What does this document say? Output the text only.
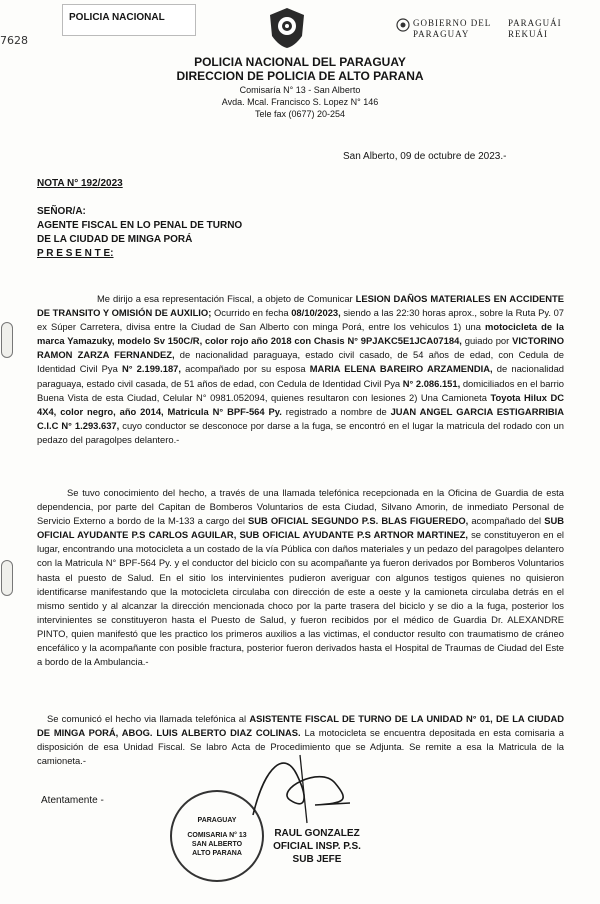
POLICIA NACIONAL
7628
GOBIERNO DEL
PARAGUAY
PARAGUÁI
REKUÁI
POLICIA NACIONAL DEL PARAGUAY
DIRECCION DE POLICIA DE ALTO PARANA
Comisaría N° 13 - San Alberto
Avda. Mcal. Francisco S. Lopez N° 146
Tele fax (0677) 20-254
San Alberto, 09 de octubre de 2023.-
NOTA N° 192/2023
SEÑOR/A:
AGENTE FISCAL EN LO PENAL DE TURNO
DE LA CIUDAD DE MINGA PORÁ
P R E S E N T E:

Me dirijo a esa representación Fiscal, a objeto de Comunicar LESION DAÑOS MATERIALES EN ACCIDENTE DE TRANSITO Y OMISIÓN DE AUXILIO; Ocurrido en fecha 08/10/2023, siendo a las 22:30 horas aprox., sobre la Ruta Py. 07 ex Súper Carretera, divisa entre la Ciudad de San Alberto con minga Porá, entre los vehiculos 1) una motocicleta de la marca Yamazuky, modelo Sv 150C/R, color rojo año 2018 con Chasis N° 9PJAKC5E1JCA07184, guiado por VICTORINO RAMON ZARZA FERNANDEZ, de nacionalidad paraguaya, estado civil casado, de 54 años de edad, con Cedula de Identidad Civil Pya N° 2.199.187, acompañado por su esposa MARIA ELENA BAREIRO ARZAMENDIA, de nacionalidad paraguaya, estado civil casada, de 51 años de edad, con Cedula de Identidad Civil Pya N° 2.086.151, domiciliados en el barrio Buena Vista de esta Ciudad, Celular N° 0981.052094, quienes resultaron con lesiones 2) Una Camioneta Toyota Hilux DC 4X4, color negro, año 2014, Matricula N° BPF-564 Py. registrado a nombre de JUAN ANGEL GARCIA ESTIGARRIBIA C.I.C N° 1.293.637, cuyo conductor se desconoce por darse a la fuga, se encontró en el lugar la matricula del rodado con un pedazo del paragolpes delantero.-

Se tuvo conocimiento del hecho, a través de una llamada telefónica recepcionada en la Oficina de Guardia de esta dependencia, por parte del Capitan de Bomberos Voluntarios de esta Ciudad, Silvano Amorin, de inmediato Personal de Servicio Externo a bordo de la M-133 a cargo del SUB OFICIAL SEGUNDO P.S. BLAS FIGUEREDO, acompañado del SUB OFICIAL AYUDANTE P.S CARLOS AGUILAR, SUB OFICIAL AYUDANTE P.S ARTNOR MARTINEZ, se constituyeron en el lugar, encontrando una motocicleta a un costado de la vía Pública con daños materiales y un pedazo del paragolpes delantero con la Matricula N° BPF-564 Py. y el conductor del biciclo con su acompañante ya fueron derivados por Bomberos Voluntarios hasta el puesto de Salud. En el sitio los intervinientes pudieron averiguar con algunos testigos quienes no quisieron identificarse manifestando que la motocicleta circulaba con dirección de este a oeste y la camioneta circulaba detrás en el mismo sentido y al alcanzar la dirección mencionada choco por la parte trasera del biciclo y se dio a la fuga, posterior los intervinientes se constituyeron hasta el Puesto de Salud, y fueron recibidos por el médico de Guardia Dr. ALEXANDRE PINTO, quien manifestó que les practico los primeros auxilios a las victimas, el conductor resulto con traumatismo de cráneo encefálico y la acompañante con posible fractura, posterior fueron derivados hasta el Hospital de Traumas de Ciudad del Este a bordo de la Ambulancia.-

Se comunicó el hecho via llamada telefónica al ASISTENTE FISCAL DE TURNO DE LA UNIDAD N° 01, DE LA CIUDAD DE MINGA PORÁ, ABOG. LUIS ALBERTO DIAZ COLINAS. La motocicleta se encuentra depositada en esta comisaria a disposición de esa Unidad Fiscal. Se labro Acta de Procedimiento que se Adjunta. Se remite a esa la Matricula de la camioneta.-

Atentamente -
PARAGUAY
COMISARIA N° 13
SAN ALBERTO
ALTO PARANA
RAUL GONZALEZ
OFICIAL INSP. P.S.
SUB JEFE
